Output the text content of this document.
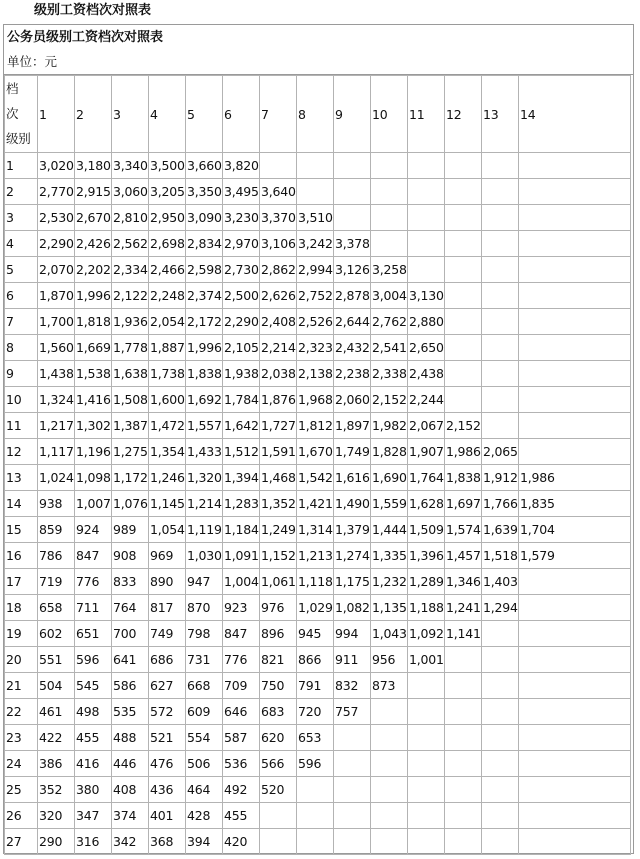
级别工资档次对照表
公务员级别工资档次对照表
单位：元
档
次
级别	1	2	3	4	5	6	7	8	9	10	11	12	13	14
1	3,020	3,180	3,340	3,500	3,660	3,820								
2	2,770	2,915	3,060	3,205	3,350	3,495	3,640							
3	2,530	2,670	2,810	2,950	3,090	3,230	3,370	3,510						
4	2,290	2,426	2,562	2,698	2,834	2,970	3,106	3,242	3,378					
5	2,070	2,202	2,334	2,466	2,598	2,730	2,862	2,994	3,126	3,258				
6	1,870	1,996	2,122	2,248	2,374	2,500	2,626	2,752	2,878	3,004	3,130			
7	1,700	1,818	1,936	2,054	2,172	2,290	2,408	2,526	2,644	2,762	2,880			
8	1,560	1,669	1,778	1,887	1,996	2,105	2,214	2,323	2,432	2,541	2,650			
9	1,438	1,538	1,638	1,738	1,838	1,938	2,038	2,138	2,238	2,338	2,438			
10	1,324	1,416	1,508	1,600	1,692	1,784	1,876	1,968	2,060	2,152	2,244			
11	1,217	1,302	1,387	1,472	1,557	1,642	1,727	1,812	1,897	1,982	2,067	2,152		
12	1,117	1,196	1,275	1,354	1,433	1,512	1,591	1,670	1,749	1,828	1,907	1,986	2,065	
13	1,024	1,098	1,172	1,246	1,320	1,394	1,468	1,542	1,616	1,690	1,764	1,838	1,912	1,986
14	938	1,007	1,076	1,145	1,214	1,283	1,352	1,421	1,490	1,559	1,628	1,697	1,766	1,835
15	859	924	989	1,054	1,119	1,184	1,249	1,314	1,379	1,444	1,509	1,574	1,639	1,704
16	786	847	908	969	1,030	1,091	1,152	1,213	1,274	1,335	1,396	1,457	1,518	1,579
17	719	776	833	890	947	1,004	1,061	1,118	1,175	1,232	1,289	1,346	1,403	
18	658	711	764	817	870	923	976	1,029	1,082	1,135	1,188	1,241	1,294	
19	602	651	700	749	798	847	896	945	994	1,043	1,092	1,141		
20	551	596	641	686	731	776	821	866	911	956	1,001			
21	504	545	586	627	668	709	750	791	832	873				
22	461	498	535	572	609	646	683	720	757					
23	422	455	488	521	554	587	620	653						
24	386	416	446	476	506	536	566	596						
25	352	380	408	436	464	492	520							
26	320	347	374	401	428	455								
27	290	316	342	368	394	420								
